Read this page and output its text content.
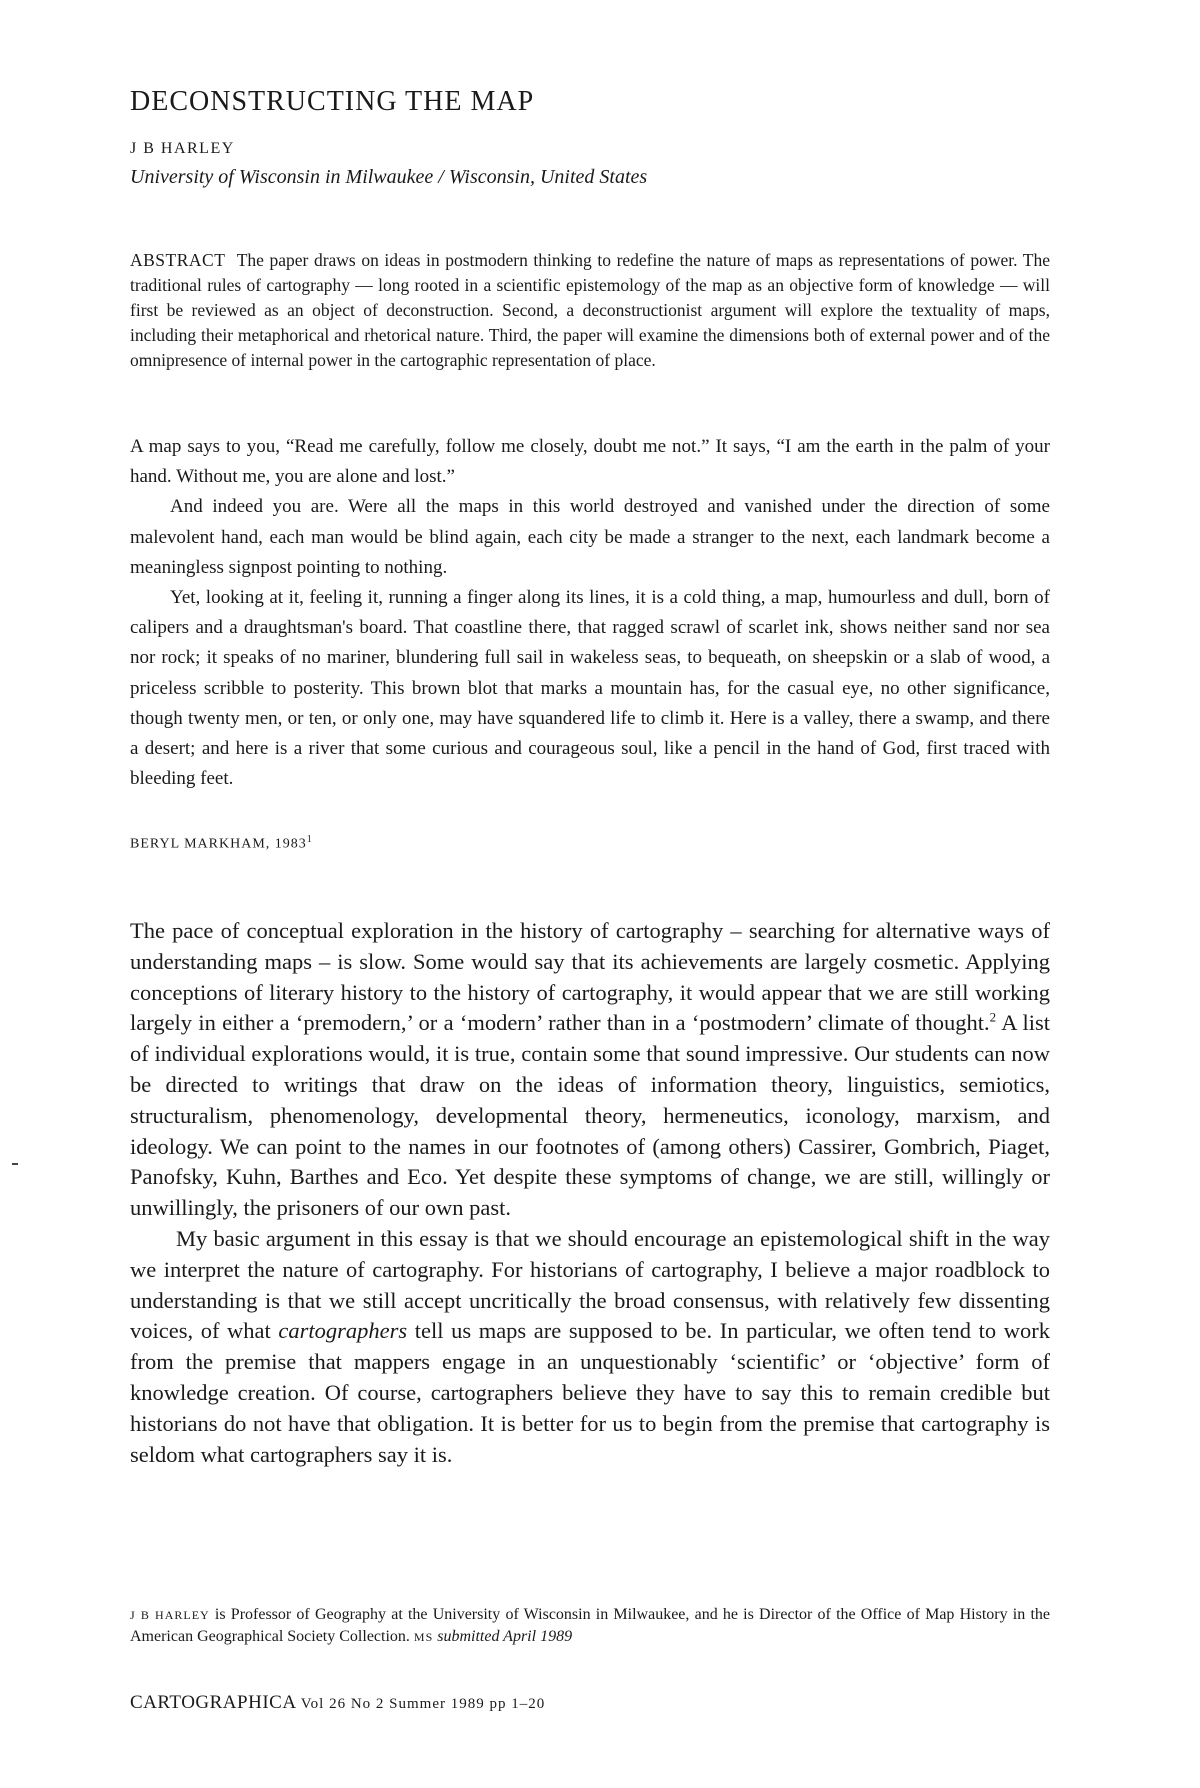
DECONSTRUCTING THE MAP
J B HARLEY
University of Wisconsin in Milwaukee / Wisconsin, United States

ABSTRACT The paper draws on ideas in postmodern thinking to redefine the nature of maps as representations of power. The traditional rules of cartography — long rooted in a scientific epistemology of the map as an objective form of knowledge — will first be reviewed as an object of deconstruction. Second, a deconstructionist argument will explore the textuality of maps, including their metaphorical and rhetorical nature. Third, the paper will examine the dimensions both of external power and of the omnipresence of internal power in the cartographic representation of place.

A map says to you, “Read me carefully, follow me closely, doubt me not.” It says, “I am the earth in the palm of your hand. Without me, you are alone and lost.”

And indeed you are. Were all the maps in this world destroyed and vanished under the direction of some malevolent hand, each man would be blind again, each city be made a stranger to the next, each landmark become a meaningless signpost pointing to nothing.

Yet, looking at it, feeling it, running a finger along its lines, it is a cold thing, a map, humourless and dull, born of calipers and a draughtsman's board. That coastline there, that ragged scrawl of scarlet ink, shows neither sand nor sea nor rock; it speaks of no mariner, blundering full sail in wakeless seas, to bequeath, on sheepskin or a slab of wood, a priceless scribble to posterity. This brown blot that marks a mountain has, for the casual eye, no other significance, though twenty men, or ten, or only one, may have squandered life to climb it. Here is a valley, there a swamp, and there a desert; and here is a river that some curious and courageous soul, like a pencil in the hand of God, first traced with bleeding feet.

BERYL MARKHAM, 1983$^1$

The pace of conceptual exploration in the history of cartography – searching for alternative ways of understanding maps – is slow. Some would say that its achievements are largely cosmetic. Applying conceptions of literary history to the history of cartography, it would appear that we are still working largely in either a ‘premodern,’ or a ‘modern’ rather than in a ‘postmodern’ climate of thought.$^2$ A list of individual explorations would, it is true, contain some that sound impressive. Our students can now be directed to writings that draw on the ideas of information theory, linguistics, semiotics, structuralism, phenomenology, developmental theory, hermeneutics, iconology, marxism, and ideology. We can point to the names in our footnotes of (among others) Cassirer, Gombrich, Piaget, Panofsky, Kuhn, Barthes and Eco. Yet despite these symptoms of change, we are still, willingly or unwillingly, the prisoners of our own past.

My basic argument in this essay is that we should encourage an epistemological shift in the way we interpret the nature of cartography. For historians of cartography, I believe a major roadblock to understanding is that we still accept uncritically the broad consensus, with relatively few dissenting voices, of what cartographers tell us maps are supposed to be. In particular, we often tend to work from the premise that mappers engage in an unquestionably ‘scientific’ or ‘objective’ form of knowledge creation. Of course, cartographers believe they have to say this to remain credible but historians do not have that obligation. It is better for us to begin from the premise that cartography is seldom what cartographers say it is.

J B HARLEY is Professor of Geography at the University of Wisconsin in Milwaukee, and he is Director of the Office of Map History in the American Geographical Society Collection. MS submitted April 1989
CARTOGRAPHICA Vol 26 No 2 Summer 1989 pp 1–20
